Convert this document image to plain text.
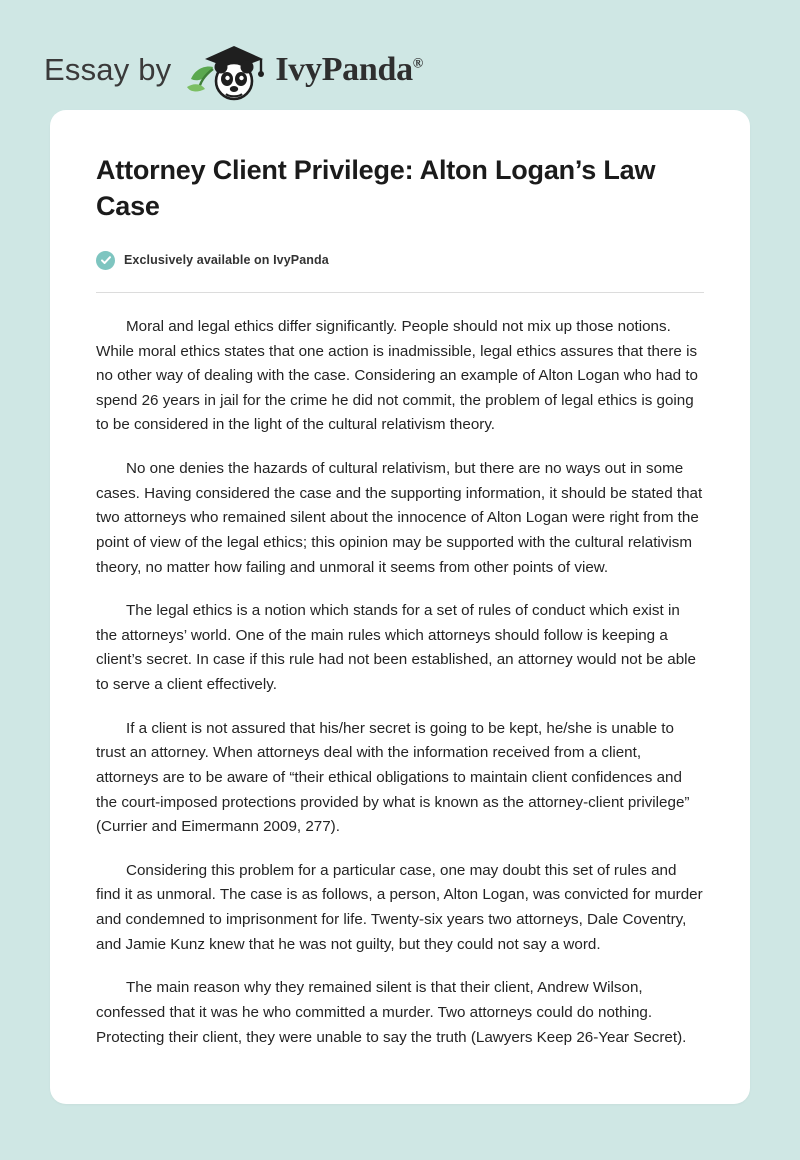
Essay by	IvyPanda®
Attorney Client Privilege: Alton Logan’s Law Case
Exclusively available on IvyPanda

Moral and legal ethics differ significantly. People should not mix up those notions. While moral ethics states that one action is inadmissible, legal ethics assures that there is no other way of dealing with the case. Considering an example of Alton Logan who had to spend 26 years in jail for the crime he did not commit, the problem of legal ethics is going to be considered in the light of the cultural relativism theory.

No one denies the hazards of cultural relativism, but there are no ways out in some cases. Having considered the case and the supporting information, it should be stated that two attorneys who remained silent about the innocence of Alton Logan were right from the point of view of the legal ethics; this opinion may be supported with the cultural relativism theory, no matter how failing and unmoral it seems from other points of view.

The legal ethics is a notion which stands for a set of rules of conduct which exist in the attorneys’ world. One of the main rules which attorneys should follow is keeping a client’s secret. In case if this rule had not been established, an attorney would not be able to serve a client effectively.

If a client is not assured that his/her secret is going to be kept, he/she is unable to trust an attorney. When attorneys deal with the information received from a client, attorneys are to be aware of “their ethical obligations to maintain client confidences and the court-imposed protections provided by what is known as the attorney-client privilege” (Currier and Eimermann 2009, 277).

Considering this problem for a particular case, one may doubt this set of rules and find it as unmoral. The case is as follows, a person, Alton Logan, was convicted for murder and condemned to imprisonment for life. Twenty-six years two attorneys, Dale Coventry, and Jamie Kunz knew that he was not guilty, but they could not say a word.

The main reason why they remained silent is that their client, Andrew Wilson, confessed that it was he who committed a murder. Two attorneys could do nothing. Protecting their client, they were unable to say the truth (Lawyers Keep 26-Year Secret).
